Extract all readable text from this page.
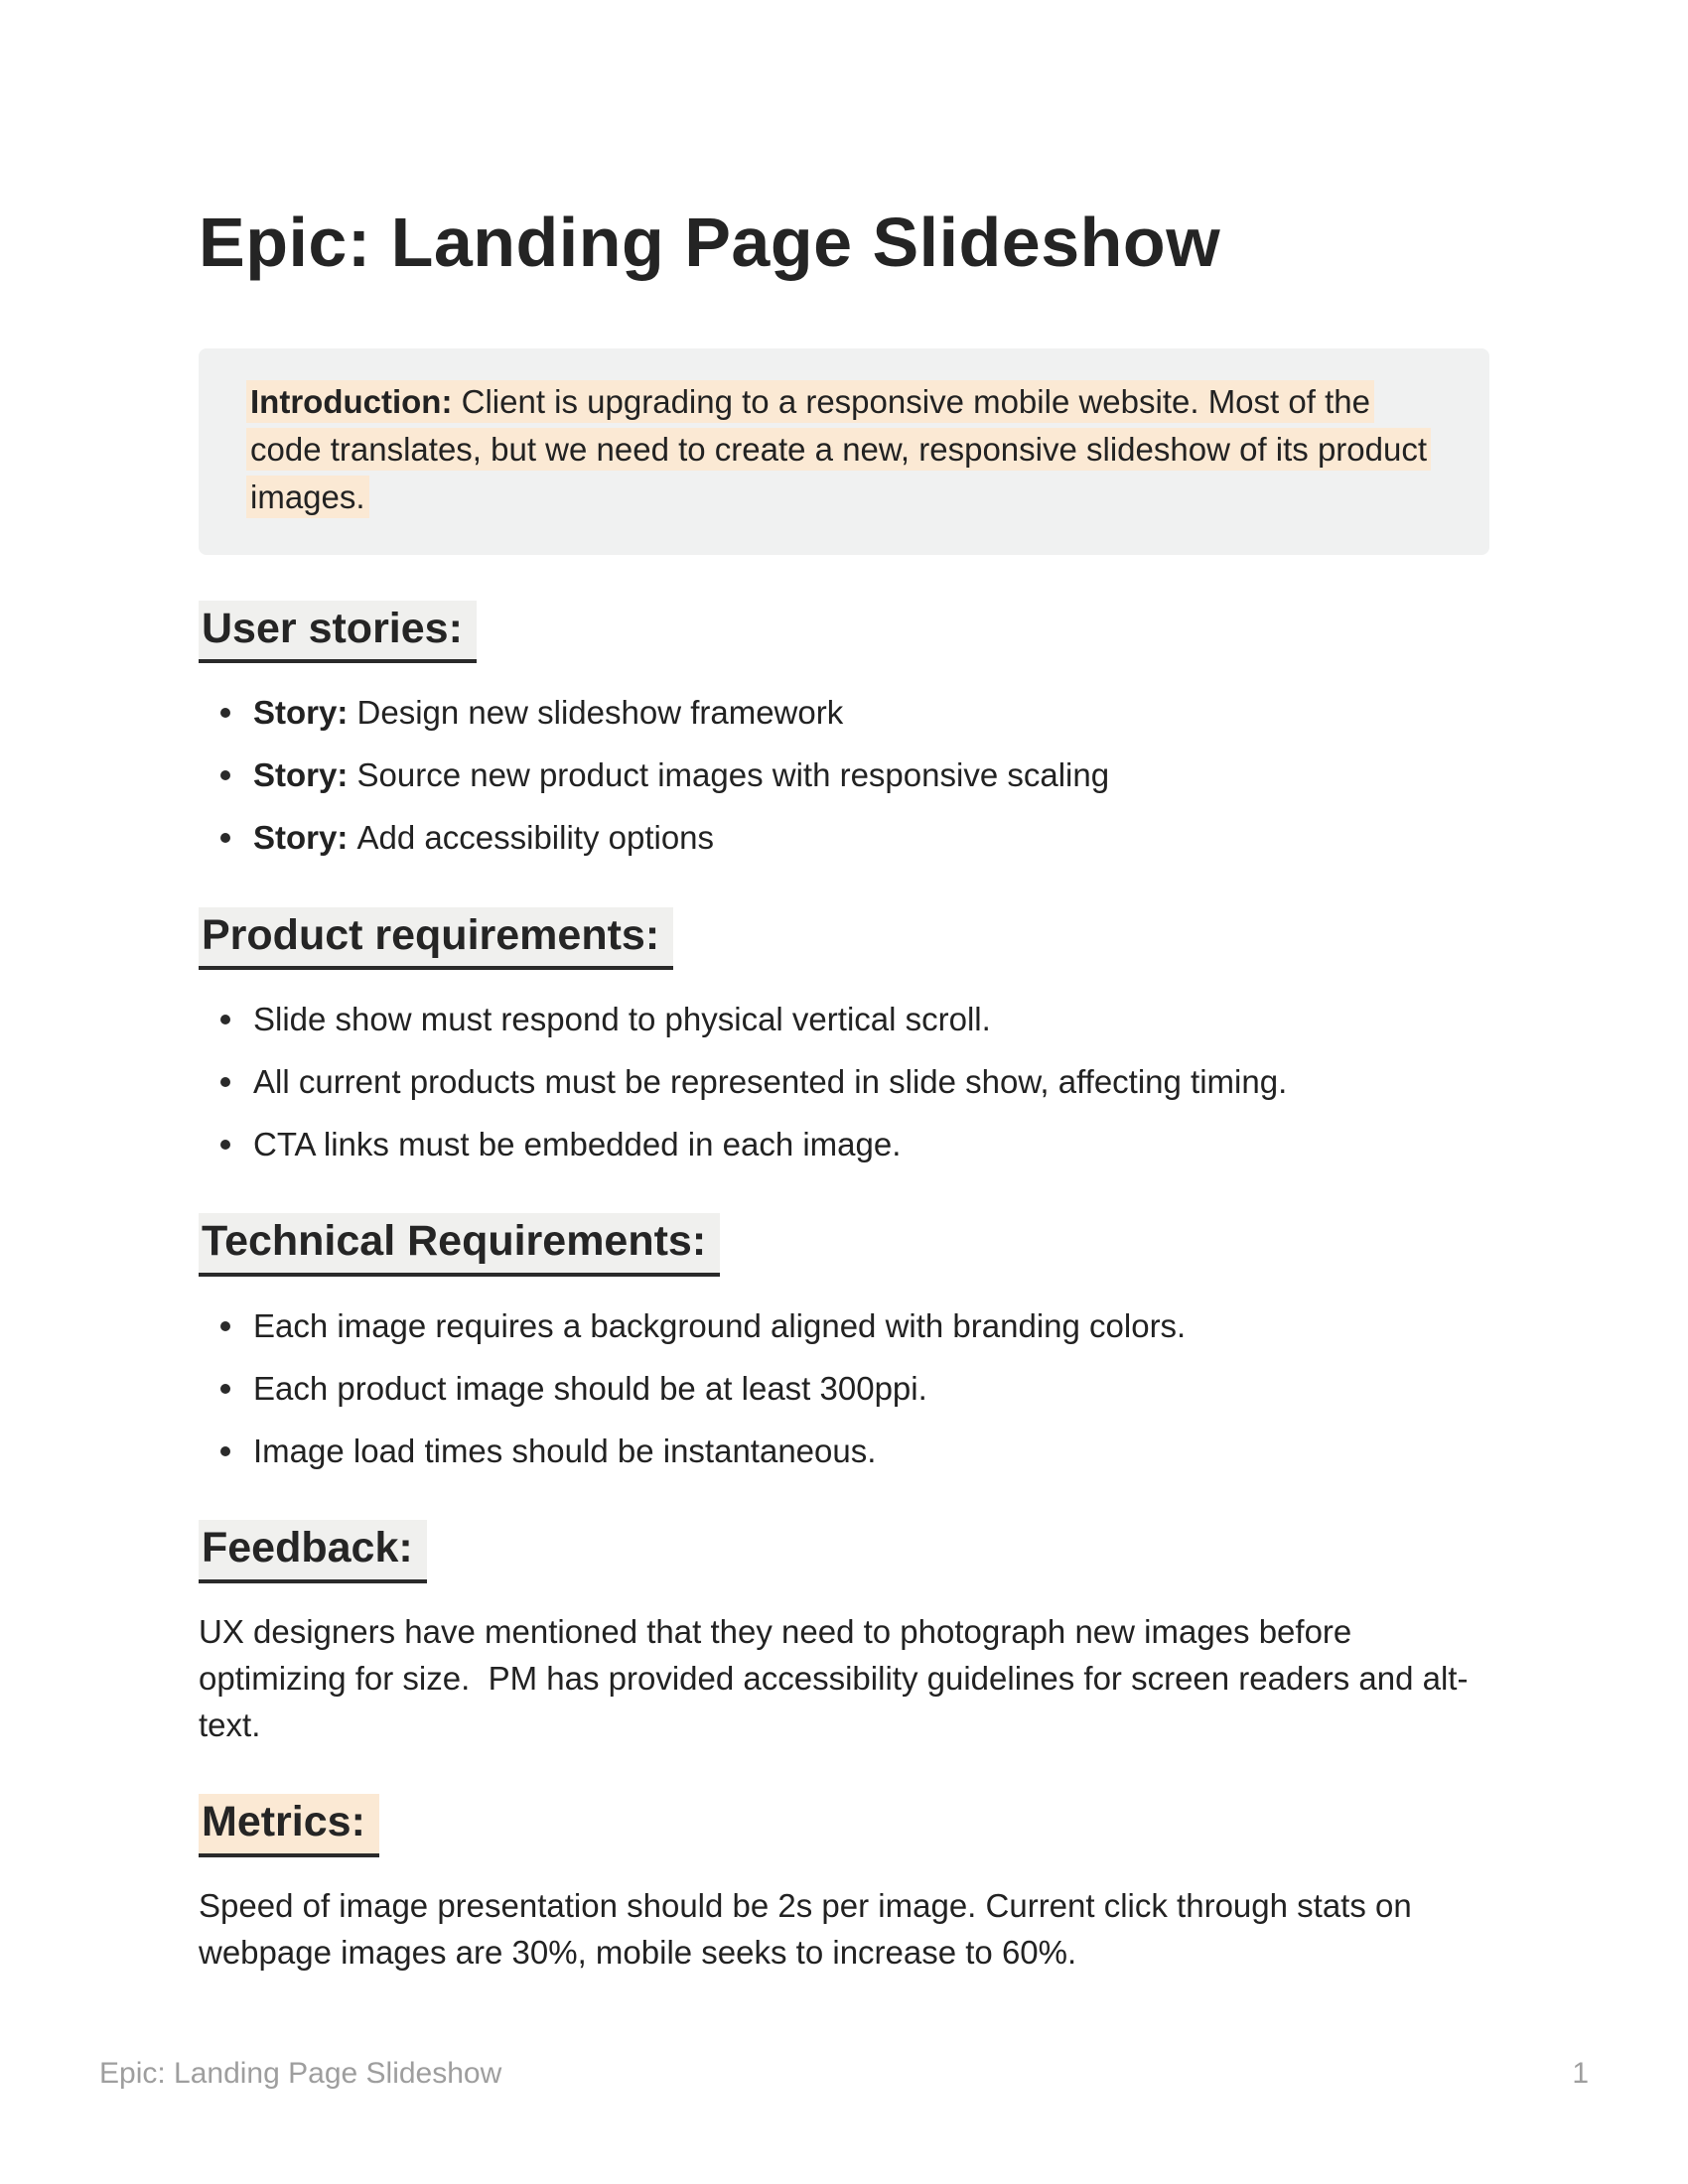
Epic: Landing Page Slideshow
Introduction: Client is upgrading to a responsive mobile website. Most of the code translates, but we need to create a new, responsive slideshow of its product images.
User stories:
Story: Design new slideshow framework
Story: Source new product images with responsive scaling
Story: Add accessibility options
Product requirements:
Slide show must respond to physical vertical scroll.
All current products must be represented in slide show, affecting timing.
CTA links must be embedded in each image.
Technical Requirements:
Each image requires a background aligned with branding colors.
Each product image should be at least 300ppi.
Image load times should be instantaneous.
Feedback:

UX designers have mentioned that they need to photograph new images before optimizing for size.  PM has provided accessibility guidelines for screen readers and alt-text.

Metrics:

Speed of image presentation should be 2s per image. Current click through stats on webpage images are 30%, mobile seeks to increase to 60%.

Epic: Landing Page Slideshow	1
